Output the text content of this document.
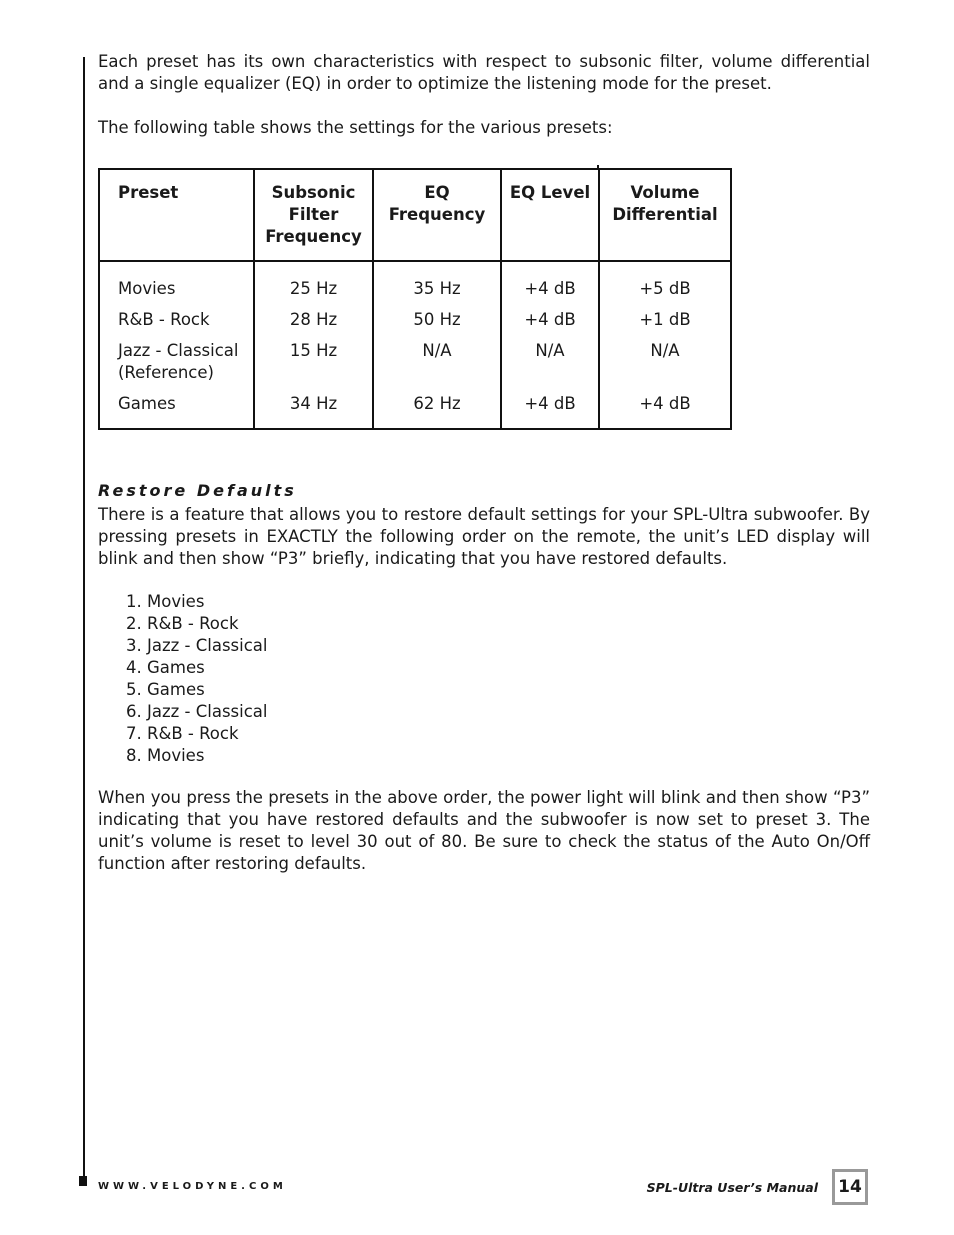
Each preset has its own characteristics with respect to subsonic filter, volume differential and a single equalizer (EQ) in order to optimize the listening mode for the preset.

The following table shows the settings for the various presets:

Preset	Subsonic Filter Frequency	EQ Frequency	EQ Level	Volume Differential
Movies	25 Hz	35 Hz	+4 dB	+5 dB
R&B - Rock	28 Hz	50 Hz	+4 dB	+1 dB
Jazz - Classical (Reference)	15 Hz	N/A	N/A	N/A
Games	34 Hz	62 Hz	+4 dB	+4 dB
Restore Defaults

There is a feature that allows you to restore default settings for your SPL-Ultra subwoofer. By pressing presets in EXACTLY the following order on the remote, the unit’s LED display will blink and then show “P3” briefly, indicating that you have restored defaults.

1. Movies
2. R&B - Rock
3. Jazz - Classical
4. Games
5. Games
6. Jazz - Classical
7. R&B - Rock
8. Movies

When you press the presets in the above order, the power light will blink and then show “P3” indicating that you have restored defaults and the subwoofer is now set to preset 3. The unit’s volume is reset to level 30 out of 80. Be sure to check the status of the Auto On/Off function after restoring defaults.

WWW.VELODYNE.COM	SPL-Ultra User’s Manual	14
